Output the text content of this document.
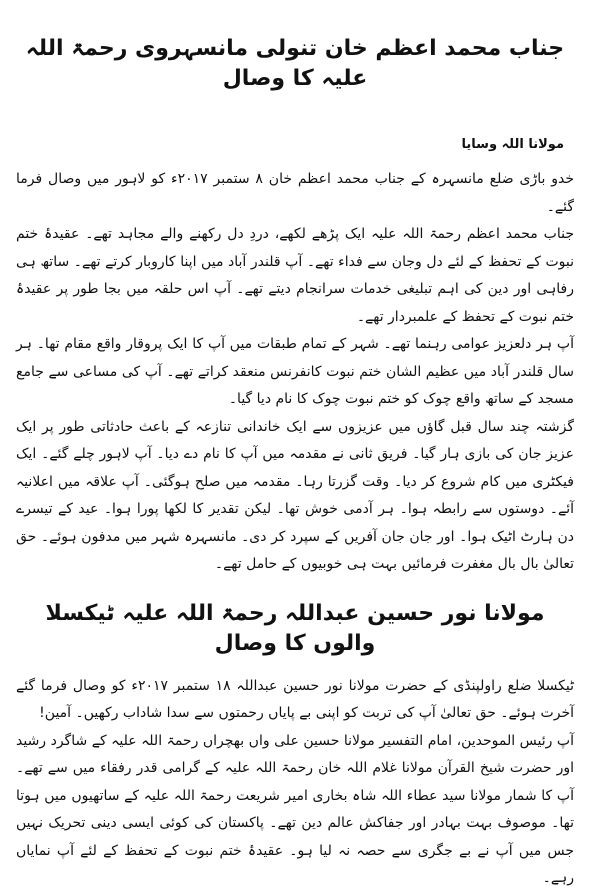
جناب محمد اعظم خان تنولی مانسہروی رحمۃ اللہ علیہ کا وصال
مولانا اللہ وسایا

خدو باڑی ضلع مانسہرہ کے جناب محمد اعظم خان ۸ ستمبر ۲۰۱۷ء کو لاہور میں وصال فرما گئے۔

جناب محمد اعظم رحمۃ اللہ علیہ ایک پڑھے لکھے، دردِ دل رکھنے والے مجاہد تھے۔ عقیدۂ ختم نبوت کے تحفظ کے لئے دل وجان سے فداء تھے۔ آپ قلندر آباد میں اپنا کاروبار کرتے تھے۔ ساتھ ہی رفاہی اور دین کی اہم تبلیغی خدمات سرانجام دیتے تھے۔ آپ اس حلقہ میں بجا طور پر عقیدۂ ختم نبوت کے تحفظ کے علمبردار تھے۔

آپ ہر دلعزیز عوامی رہنما تھے۔ شہر کے تمام طبقات میں آپ کا ایک پروقار واقع مقام تھا۔ ہر سال قلندر آباد میں عظیم الشان ختم نبوت کانفرنس منعقد کراتے تھے۔ آپ کی مساعی سے جامع مسجد کے ساتھ واقع چوک کو ختم نبوت چوک کا نام دیا گیا۔

گزشتہ چند سال قبل گاؤں میں عزیزوں سے ایک خاندانی تنازعہ کے باعث حادثاتی طور پر ایک عزیز جان کی بازی ہار گیا۔ فریق ثانی نے مقدمہ میں آپ کا نام دے دیا۔ آپ لاہور چلے گئے۔ ایک فیکٹری میں کام شروع کر دیا۔ وقت گزرتا رہا۔ مقدمہ میں صلح ہوگئی۔ آپ علاقہ میں اعلانیہ آئے۔ دوستوں سے رابطہ ہوا۔ ہر آدمی خوش تھا۔ لیکن تقدیر کا لکھا پورا ہوا۔ عید کے تیسرے دن ہارٹ اٹیک ہوا۔ اور جان جان آفریں کے سپرد کر دی۔ مانسہرہ شہر میں مدفون ہوئے۔ حق تعالیٰ بال بال مغفرت فرمائیں بہت ہی خوبیوں کے حامل تھے۔

مولانا نور حسین عبداللہ رحمۃ اللہ علیہ ٹیکسلا والوں کا وصال

ٹیکسلا ضلع راولپنڈی کے حضرت مولانا نور حسین عبداللہ ۱۸ ستمبر ۲۰۱۷ء کو وصال فرما گئے آخرت ہوئے۔ حق تعالیٰ آپ کی تربت کو اپنی بے پایاں رحمتوں سے سدا شاداب رکھیں۔ آمین!

آپ رئیس الموحدین، امام التفسیر مولانا حسین علی واں بھچراں رحمۃ اللہ علیہ کے شاگرد رشید اور حضرت شیخ القرآن مولانا غلام اللہ خان رحمۃ اللہ علیہ کے گرامی قدر رفقاء میں سے تھے۔ آپ کا شمار مولانا سید عطاء اللہ شاہ بخاری امیر شریعت رحمۃ اللہ علیہ کے ساتھیوں میں ہوتا تھا۔ موصوف بہت بہادر اور جفاکش عالم دین تھے۔ پاکستان کی کوئی ایسی دینی تحریک نہیں جس میں آپ نے بے جگری سے حصہ نہ لیا ہو۔ عقیدۂ ختم نبوت کے تحفظ کے لئے آپ نمایاں رہے۔
